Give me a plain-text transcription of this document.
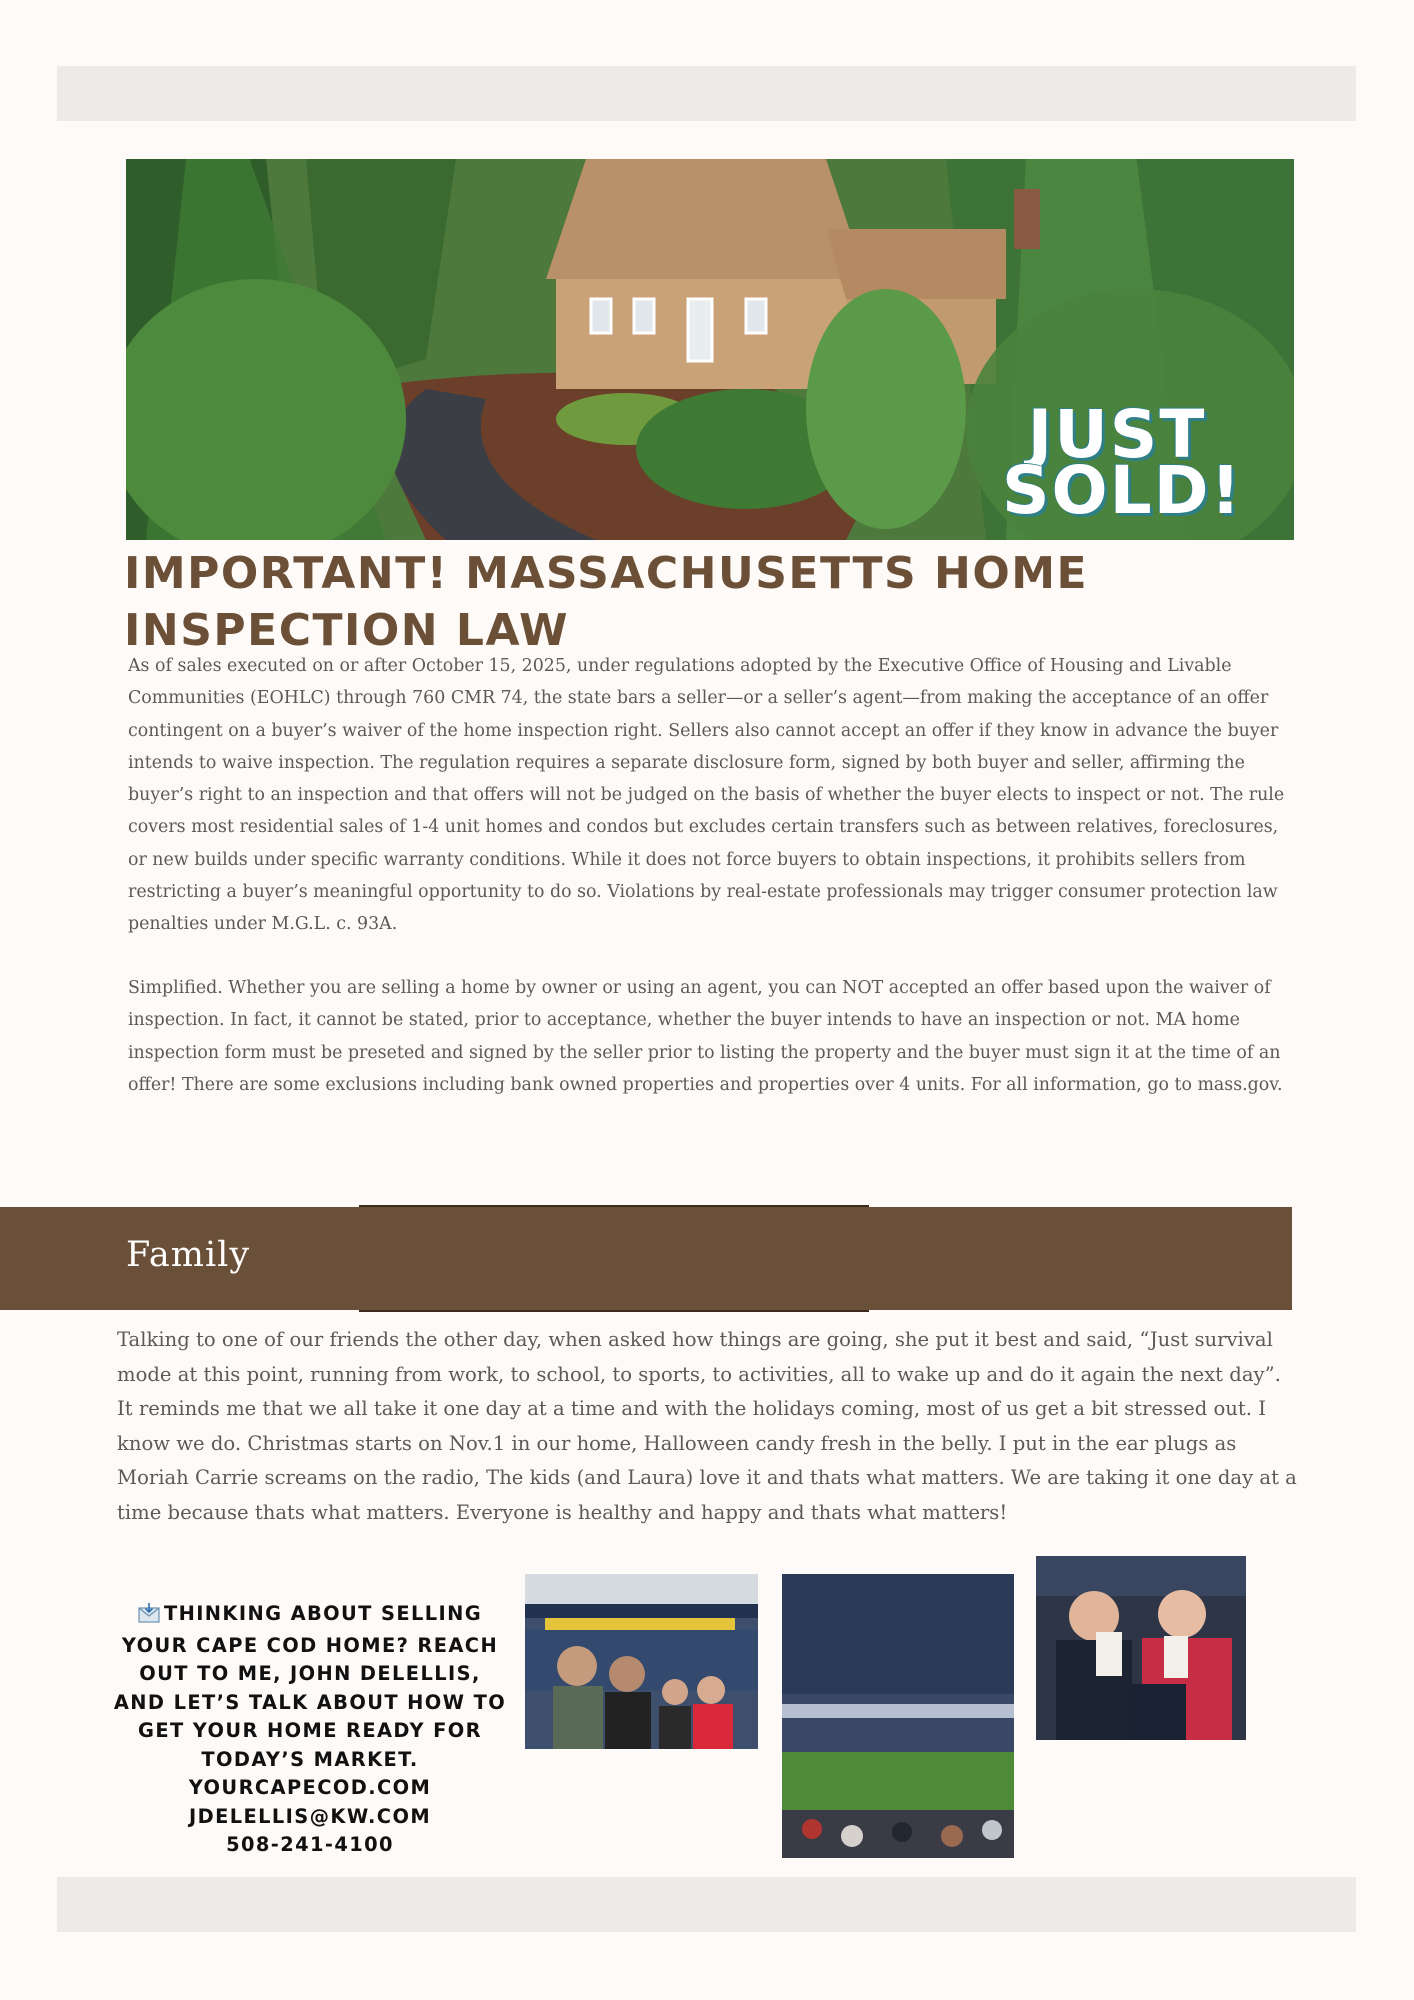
JUST
SOLD!
IMPORTANT! MASSACHUSETTS HOME INSPECTION LAW

As of sales executed on or after October 15, 2025, under regulations adopted by the Executive Office of Housing and Livable Communities (EOHLC) through 760 CMR 74, the state bars a seller—or a seller’s agent—from making the acceptance of an offer contingent on a buyer’s waiver of the home inspection right. Sellers also cannot accept an offer if they know in advance the buyer intends to waive inspection. The regulation requires a separate disclosure form, signed by both buyer and seller, affirming the buyer’s right to an inspection and that offers will not be judged on the basis of whether the buyer elects to inspect or not. The rule covers most residential sales of 1-4 unit homes and condos but excludes certain transfers such as between relatives, foreclosures, or new builds under specific warranty conditions. While it does not force buyers to obtain inspections, it prohibits sellers from restricting a buyer’s meaningful opportunity to do so. Violations by real-estate professionals may trigger consumer protection law penalties under M.G.L. c. 93A.

Simplified. Whether you are selling a home by owner or using an agent, you can NOT accepted an offer based upon the waiver of inspection. In fact, it cannot be stated, prior to acceptance, whether the buyer intends to have an inspection or not. MA home inspection form must be preseted and signed by the seller prior to listing the property and the buyer must sign it at the time of an offer! There are some exclusions including bank owned properties and properties over 4 units. For all information, go to mass.gov.

Family

Talking to one of our friends the other day, when asked how things are going, she put it best and said, “Just survival mode at this point, running from work, to school, to sports, to activities, all to wake up and do it again the next day”. It reminds me that we all take it one day at a time and with the holidays coming, most of us get a bit stressed out. I know we do. Christmas starts on Nov.1 in our home, Halloween candy fresh in the belly. I put in the ear plugs as Moriah Carrie screams on the radio, The kids (and Laura) love it and thats what matters. We are taking it one day at a time because thats what matters. Everyone is healthy and happy and thats what matters!

THINKING ABOUT SELLING YOUR CAPE COD HOME? REACH OUT TO ME, JOHN DELELLIS, AND LET’S TALK ABOUT HOW TO GET YOUR HOME READY FOR TODAY’S MARKET.
YOURCAPECOD.COM
JDELELLIS@KW.COM
508-241-4100
